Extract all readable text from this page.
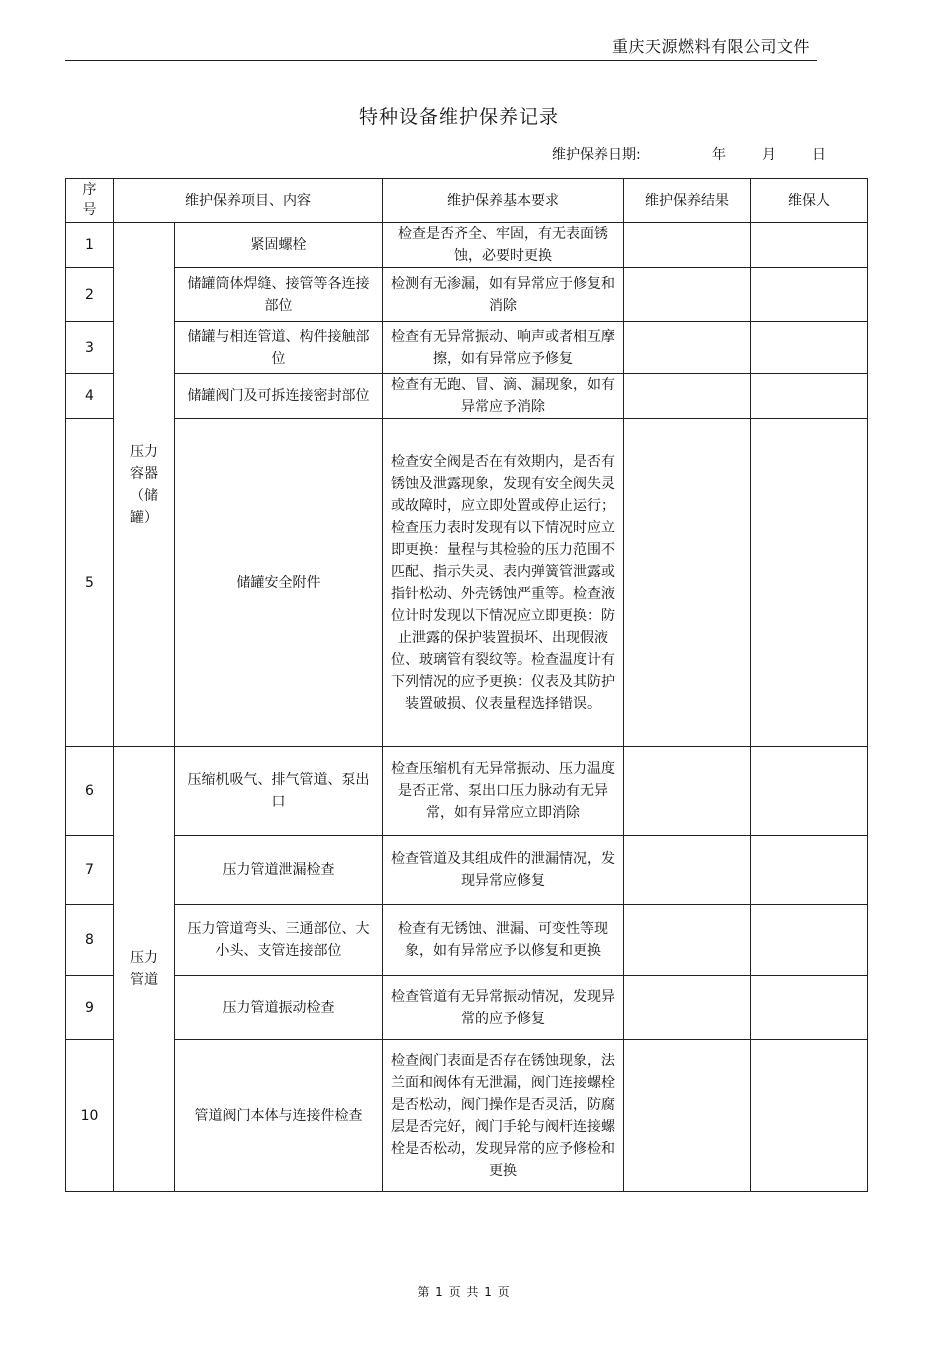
重庆天源燃料有限公司文件
特种设备维护保养记录
维护保养日期:	年	月	日
序号	维护保养项目、内容		维护保养基本要求	维护保养结果	维保人
1	压力容器（储罐）	紧固螺栓	检查是否齐全、牢固，有无表面锈蚀，必要时更换		
2		储罐筒体焊缝、接管等各连接部位	检测有无渗漏，如有异常应于修复和消除		
3		储罐与相连管道、构件接触部位	检查有无异常振动、响声或者相互摩擦，如有异常应予修复		
4		储罐阀门及可拆连接密封部位	检查有无跑、冒、滴、漏现象，如有异常应予消除		
5		储罐安全附件	检查安全阀是否在有效期内，是否有锈蚀及泄露现象，发现有安全阀失灵或故障时，应立即处置或停止运行；检查压力表时发现有以下情况时应立即更换：量程与其检验的压力范围不匹配、指示失灵、表内弹簧管泄露或指针松动、外壳锈蚀严重等。检查液位计时发现以下情况应立即更换：防止泄露的保护装置损坏、出现假液位、玻璃管有裂纹等。检查温度计有下列情况的应予更换：仪表及其防护装置破损、仪表量程选择错误。		
6	压力管道	压缩机吸气、排气管道、泵出口	检查压缩机有无异常振动、压力温度是否正常、泵出口压力脉动有无异常，如有异常应立即消除		
7		压力管道泄漏检查	检查管道及其组成件的泄漏情况，发现异常应修复		
8		压力管道弯头、三通部位、大小头、支管连接部位	检查有无锈蚀、泄漏、可变性等现象，如有异常应予以修复和更换		
9		压力管道振动检查	检查管道有无异常振动情况，发现异常的应予修复		
10		管道阀门本体与连接件检查	检查阀门表面是否存在锈蚀现象，法兰面和阀体有无泄漏，阀门连接螺栓是否松动，阀门操作是否灵活，防腐层是否完好，阀门手轮与阀杆连接螺栓是否松动，发现异常的应予修检和更换		
第 1 页 共 1 页
